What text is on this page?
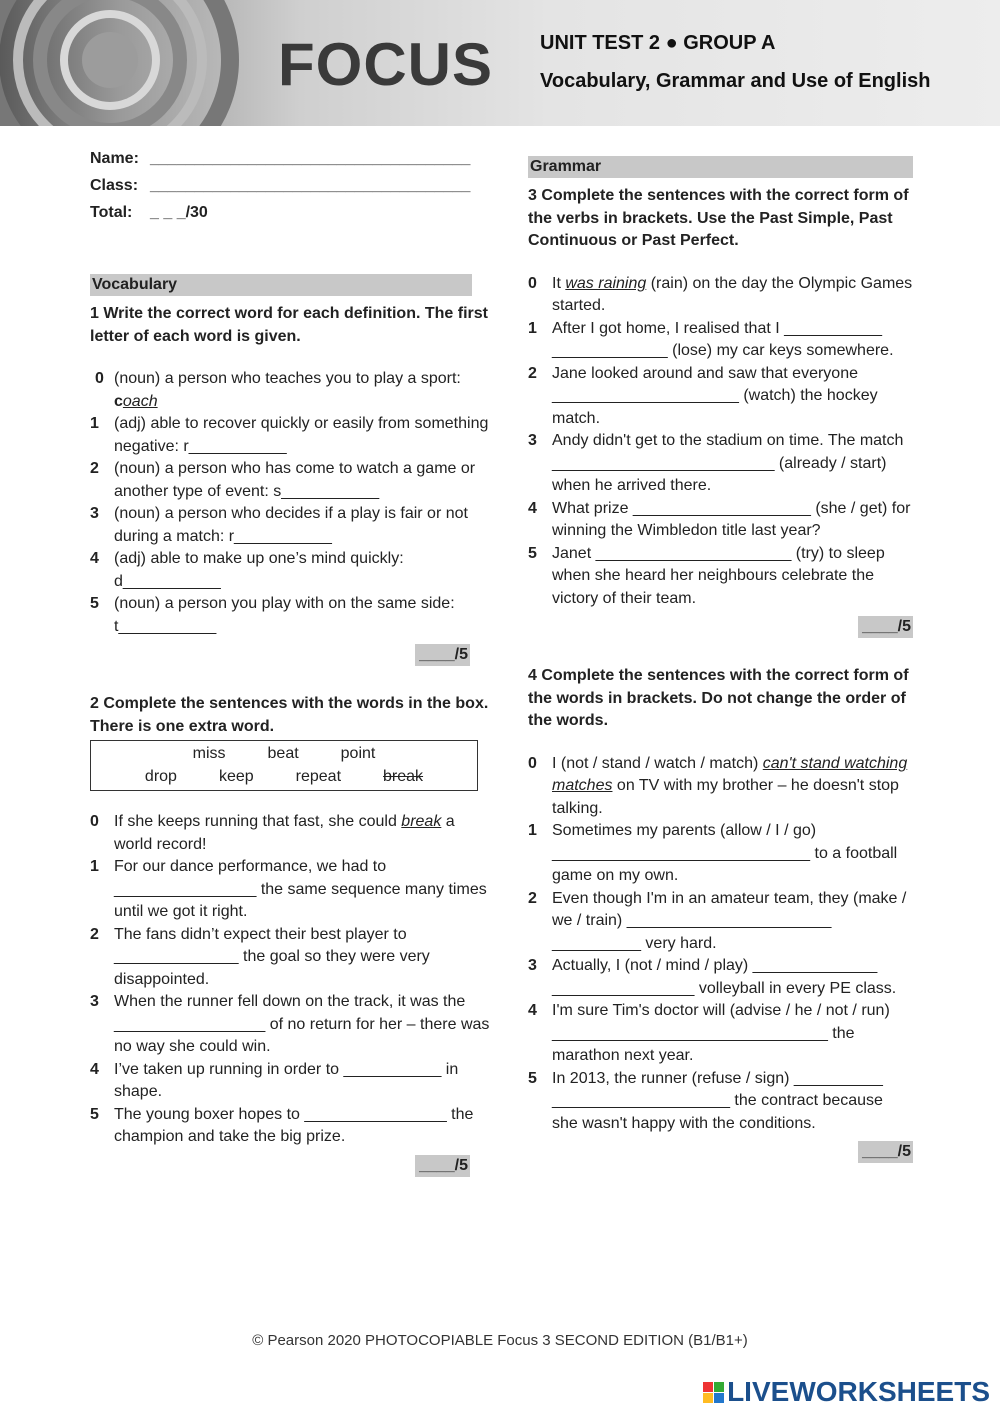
FOCUS UNIT TEST 2 ● GROUP A
Vocabulary, Grammar and Use of English
Name: ____________________________________
Class: ____________________________________
Total:	_ _ _/30
Vocabulary
1 Write the correct word for each definition. The first letter of each word is given.
0 (noun) a person who teaches you to play a sport: coach
1 (adj) able to recover quickly or easily from something negative: r___________
2 (noun) a person who has come to watch a game or another type of event: s___________
3 (noun) a person who decides if a play is fair or not during a match: r___________
4 (adj) able to make up one’s mind quickly: d___________
5 (noun) a person you play with on the same side: t___________
____/5
2 Complete the sentences with the words in the box. There is one extra word.
miss	beat	point
drop	keep	repeat	break
0 If she keeps running that fast, she could break a world record!
1 For our dance performance, we had to ________________ the same sequence many times until we got it right.
2 The fans didn’t expect their best player to ______________ the goal so they were very disappointed.
3 When the runner fell down on the track, it was the _________________ of no return for her – there was no way she could win.
4 I’ve taken up running in order to ___________ in shape.
5 The young boxer hopes to ________________ the champion and take the big prize.
____/5
Grammar
3 Complete the sentences with the correct form of the verbs in brackets. Use the Past Simple, Past Continuous or Past Perfect.
0 It was raining (rain) on the day the Olympic Games started.
1 After I got home, I realised that I ___________ _____________ (lose) my car keys somewhere.
2 Jane looked around and saw that everyone _____________________ (watch) the hockey match.
3 Andy didn't get to the stadium on time. The match _________________________ (already / start) when he arrived there.
4 What prize ____________________ (she / get) for winning the Wimbledon title last year?
5 Janet ______________________ (try) to sleep when she heard her neighbours celebrate the victory of their team.
____/5
4 Complete the sentences with the correct form of the words in brackets. Do not change the order of the words.
0 I (not / stand / watch / match) can't stand watching matches on TV with my brother – he doesn't stop talking.
1 Sometimes my parents (allow / I / go) _____________________________ to a football game on my own.
2 Even though I'm in an amateur team, they (make / we / train) _______________________ __________ very hard.
3 Actually, I (not / mind / play) ______________ ________________ volleyball in every PE class.
4 I'm sure Tim's doctor will (advise / he / not / run) _______________________________ the marathon next year.
5 In 2013, the runner (refuse / sign) __________ ____________________ the contract because she wasn't happy with the conditions.
____/5
© Pearson 2020 PHOTOCOPIABLE Focus 3 SECOND EDITION (B1/B1+)
LIVEWORKSHEETS
